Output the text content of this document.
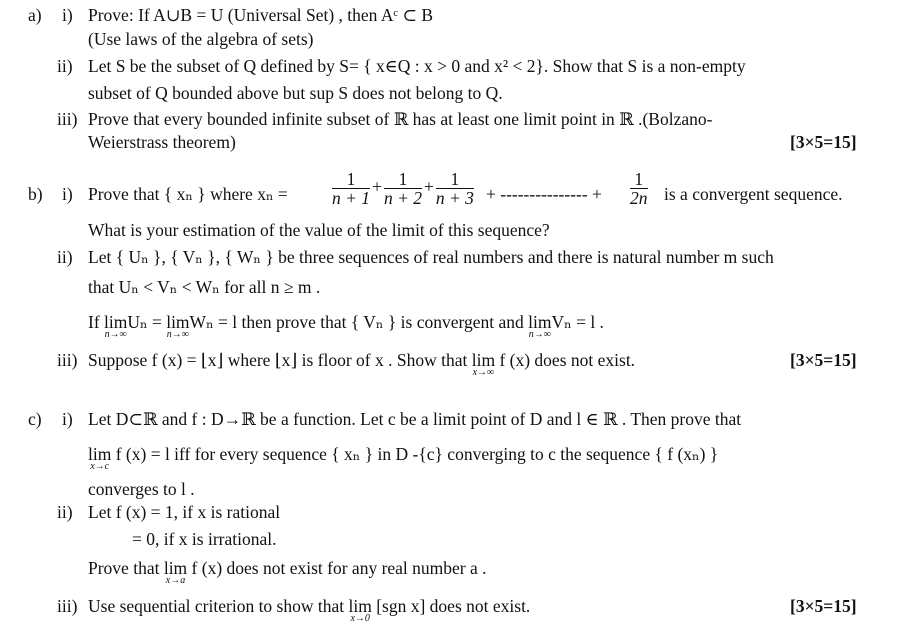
a) i) Prove: If A∪B = U (Universal Set) , then Aᶜ ⊂ B
(Use laws of the algebra of sets)
ii) Let S be the subset of Q defined by S= { x∈Q : x > 0 and x² < 2}. Show that S is a non-empty
subset of Q bounded above but sup S does not belong to Q.
iii) Prove that every bounded infinite subset of ℝ has at least one limit point in ℝ .(Bolzano-
Weierstrass theorem)	[3×5=15]
b) i) Prove that { xₙ } where xₙ =	$\frac{1}{n + 1} + \frac{1}{n + 2} + \frac{1}{n + 3}$ + --------------- + $\frac{1}{2n}$ is a convergent sequence.
What is your estimation of the value of the limit of this sequence?
ii) Let { Uₙ }, { Vₙ }, { Wₙ } be three sequences of real numbers and there is natural number m such
that Uₙ < Vₙ < Wₙ for all n ≥ m .
If lim
n→∞
Uₙ = lim
n→∞
Wₙ = l then prove that { Vₙ } is convergent and lim
n→∞
Vₙ = l .
iii) Suppose f (x) = ⌊x⌋ where ⌊x⌋ is floor of x . Show that lim
x→∞
f (x) does not exist.	[3×5=15]
c) i) Let D⊂ℝ and f : D→ℝ be a function. Let c be a limit point of D and l ∈ ℝ . Then prove that
lim
x→c
f (x) = l iff for every sequence { xₙ } in D -{c} converging to c the sequence { f (xₙ) }
converges to l .
ii) Let f (x) = 1, if x is rational
= 0, if x is irrational.
Prove that lim
x→a
f (x) does not exist for any real number a .
iii) Use sequential criterion to show that lim
x→0
[sgn x] does not exist.	[3×5=15]
